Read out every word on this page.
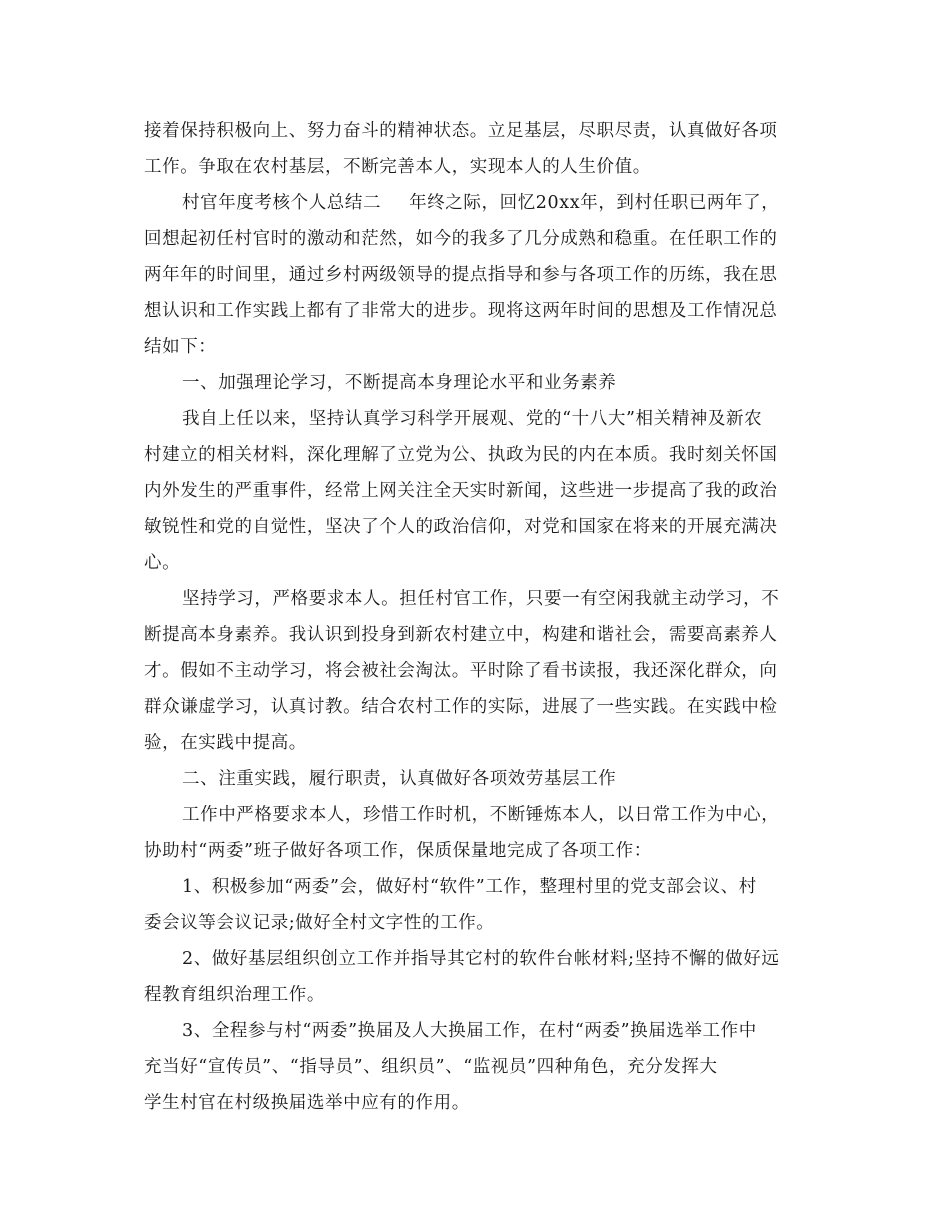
接着保持积极向上、努力奋斗的精神状态。立足基层，尽职尽责，认真做好各项
工作。争取在农村基层，不断完善本人，实现本人的人生价值。
村官年度考核个人总结二 年终之际，回忆20xx年，到村任职已两年了，
回想起初任村官时的激动和茫然，如今的我多了几分成熟和稳重。在任职工作的
两年年的时间里，通过乡村两级领导的提点指导和参与各项工作的历练，我在思
想认识和工作实践上都有了非常大的进步。现将这两年时间的思想及工作情况总
结如下：
一、加强理论学习，不断提高本身理论水平和业务素养
我自上任以来，坚持认真学习科学开展观、党的“十八大”相关精神及新农
村建立的相关材料，深化理解了立党为公、执政为民的内在本质。我时刻关怀国
内外发生的严重事件，经常上网关注全天实时新闻，这些进一步提高了我的政治
敏锐性和党的自觉性，坚决了个人的政治信仰，对党和国家在将来的开展充满决
心。
坚持学习，严格要求本人。担任村官工作，只要一有空闲我就主动学习，不
断提高本身素养。我认识到投身到新农村建立中，构建和谐社会，需要高素养人
才。假如不主动学习，将会被社会淘汰。平时除了看书读报，我还深化群众，向
群众谦虚学习，认真讨教。结合农村工作的实际，进展了一些实践。在实践中检
验，在实践中提高。
二、注重实践，履行职责，认真做好各项效劳基层工作
工作中严格要求本人，珍惜工作时机，不断锤炼本人，以日常工作为中心，
协助村“两委”班子做好各项工作，保质保量地完成了各项工作：
1、积极参加“两委”会，做好村“软件”工作，整理村里的党支部会议、村
委会议等会议记录;做好全村文字性的工作。
2、做好基层组织创立工作并指导其它村的软件台帐材料;坚持不懈的做好远
程教育组织治理工作。
3、全程参与村“两委”换届及人大换届工作，在村“两委”换届选举工作中
充当好“宣传员”、“指导员”、组织员”、“监视员”四种角色，充分发挥大
学生村官在村级换届选举中应有的作用。
